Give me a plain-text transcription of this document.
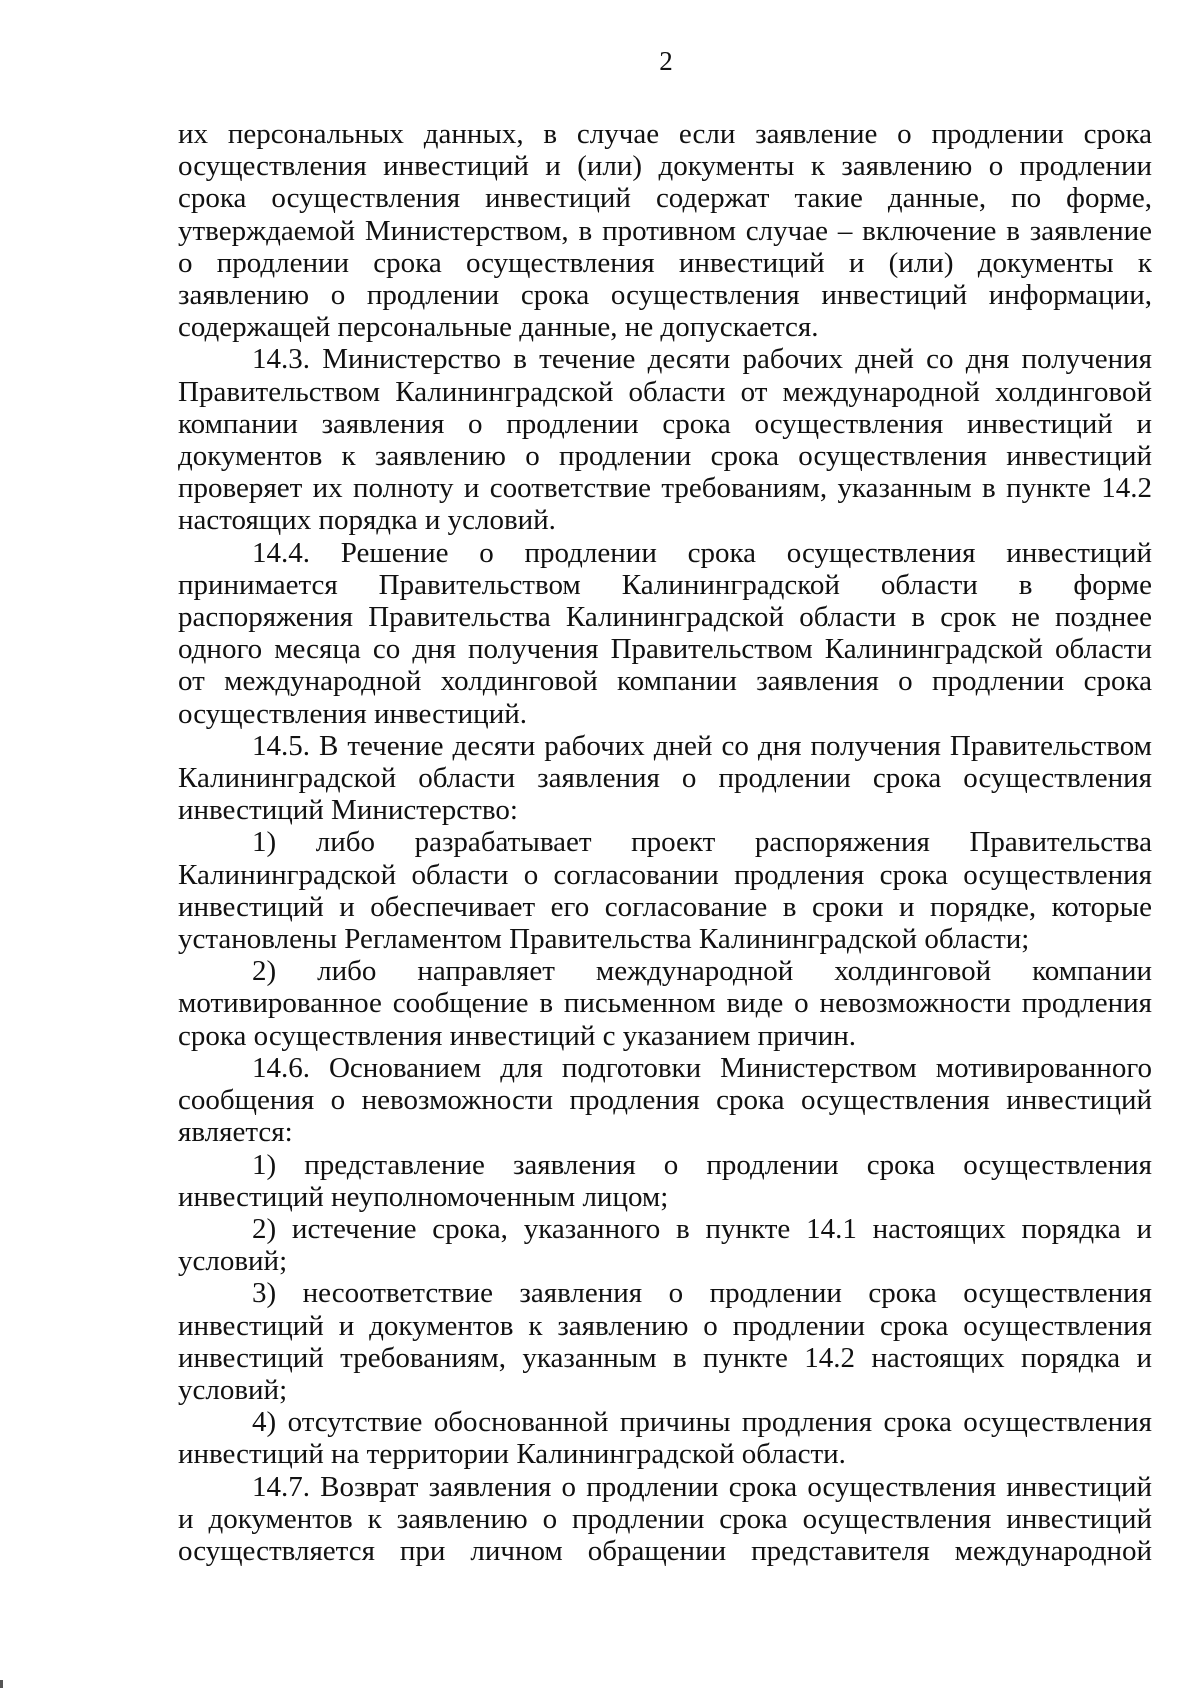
2

их персональных данных, в случае если заявление о продлении срока осуществления инвестиций и (или) документы к заявлению о продлении срока осуществления инвестиций содержат такие данные, по форме, утверждаемой Министерством, в противном случае – включение в заявление о продлении срока осуществления инвестиций и (или) документы к заявлению о продлении срока осуществления инвестиций информации, содержащей персональные данные, не допускается.

14.3. Министерство в течение десяти рабочих дней со дня получения Правительством Калининградской области от международной холдинговой компании заявления о продлении срока осуществления инвестиций и документов к заявлению о продлении срока осуществления инвестиций проверяет их полноту и соответствие требованиям, указанным в пункте 14.2 настоящих порядка и условий.

14.4. Решение о продлении срока осуществления инвестиций принимается Правительством Калининградской области в форме распоряжения Правительства Калининградской области в срок не позднее одного месяца со дня получения Правительством Калининградской области от международной холдинговой компании заявления о продлении срока осуществления инвестиций.

14.5. В течение десяти рабочих дней со дня получения Правительством Калининградской области заявления о продлении срока осуществления инвестиций Министерство:

1) либо разрабатывает проект распоряжения Правительства Калининградской области о согласовании продления срока осуществления инвестиций и обеспечивает его согласование в сроки и порядке, которые установлены Регламентом Правительства Калининградской области;

2) либо направляет международной холдинговой компании мотивированное сообщение в письменном виде о невозможности продления срока осуществления инвестиций с указанием причин.

14.6. Основанием для подготовки Министерством мотивированного сообщения о невозможности продления срока осуществления инвестиций является:

1) представление заявления о продлении срока осуществления инвестиций неуполномоченным лицом;

2) истечение срока, указанного в пункте 14.1 настоящих порядка и условий;

3) несоответствие заявления о продлении срока осуществления инвестиций и документов к заявлению о продлении срока осуществления инвестиций требованиям, указанным в пункте 14.2 настоящих порядка и условий;

4) отсутствие обоснованной причины продления срока осуществления инвестиций на территории Калининградской области.

14.7. Возврат заявления о продлении срока осуществления инвестиций и документов к заявлению о продлении срока осуществления инвестиций осуществляется при личном обращении представителя международной
